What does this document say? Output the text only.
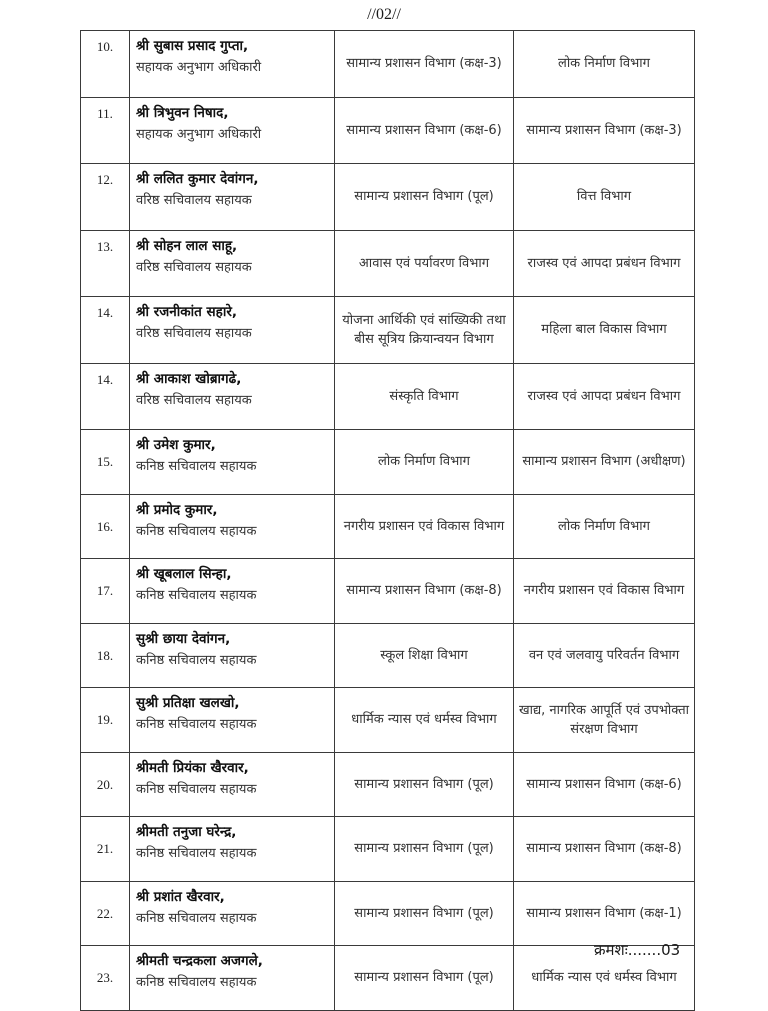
//02//
10.	श्री सुबास प्रसाद गुप्ता,
सहायक अनुभाग अधिकारी	सामान्य प्रशासन विभाग (कक्ष-3)	लोक निर्माण विभाग
11.	श्री त्रिभुवन निषाद,
सहायक अनुभाग अधिकारी	सामान्य प्रशासन विभाग (कक्ष-6)	सामान्य प्रशासन विभाग (कक्ष-3)
12.	श्री ललित कुमार देवांगन,
वरिष्ठ सचिवालय सहायक	सामान्य प्रशासन विभाग (पूल)	वित्त विभाग
13.	श्री सोहन लाल साहू,
वरिष्ठ सचिवालय सहायक	आवास एवं पर्यावरण विभाग	राजस्व एवं आपदा प्रबंधन विभाग
14.	श्री रजनीकांत सहारे,
वरिष्ठ सचिवालय सहायक	योजना आर्थिकी एवं सांख्यिकी तथा बीस सूत्रिय क्रियान्वयन विभाग	महिला बाल विकास विभाग
14.	श्री आकाश खोब्रागढे,
वरिष्ठ सचिवालय सहायक	संस्कृति विभाग	राजस्व एवं आपदा प्रबंधन विभाग
15.	श्री उमेश कुमार,
कनिष्ठ सचिवालय सहायक	लोक निर्माण विभाग	सामान्य प्रशासन विभाग (अधीक्षण)
16.	श्री प्रमोद कुमार,
कनिष्ठ सचिवालय सहायक	नगरीय प्रशासन एवं विकास विभाग	लोक निर्माण विभाग
17.	श्री खूबलाल सिन्हा,
कनिष्ठ सचिवालय सहायक	सामान्य प्रशासन विभाग (कक्ष-8)	नगरीय प्रशासन एवं विकास विभाग
18.	सुश्री छाया देवांगन,
कनिष्ठ सचिवालय सहायक	स्कूल शिक्षा विभाग	वन एवं जलवायु परिवर्तन विभाग
19.	सुश्री प्रतिक्षा खलखो,
कनिष्ठ सचिवालय सहायक	धार्मिक न्यास एवं धर्मस्व विभाग	खाद्य, नागरिक आपूर्ति एवं उपभोक्ता संरक्षण विभाग
20.	श्रीमती प्रियंका खैरवार,
कनिष्ठ सचिवालय सहायक	सामान्य प्रशासन विभाग (पूल)	सामान्य प्रशासन विभाग (कक्ष-6)
21.	श्रीमती तनुजा घरेन्द्र,
कनिष्ठ सचिवालय सहायक	सामान्य प्रशासन विभाग (पूल)	सामान्य प्रशासन विभाग (कक्ष-8)
22.	श्री प्रशांत खैरवार,
कनिष्ठ सचिवालय सहायक	सामान्य प्रशासन विभाग (पूल)	सामान्य प्रशासन विभाग (कक्ष-1)
23.	श्रीमती चन्द्रकला अजगले,
कनिष्ठ सचिवालय सहायक	सामान्य प्रशासन विभाग (पूल)	धार्मिक न्यास एवं धर्मस्व विभाग
क्रमशः.......03
